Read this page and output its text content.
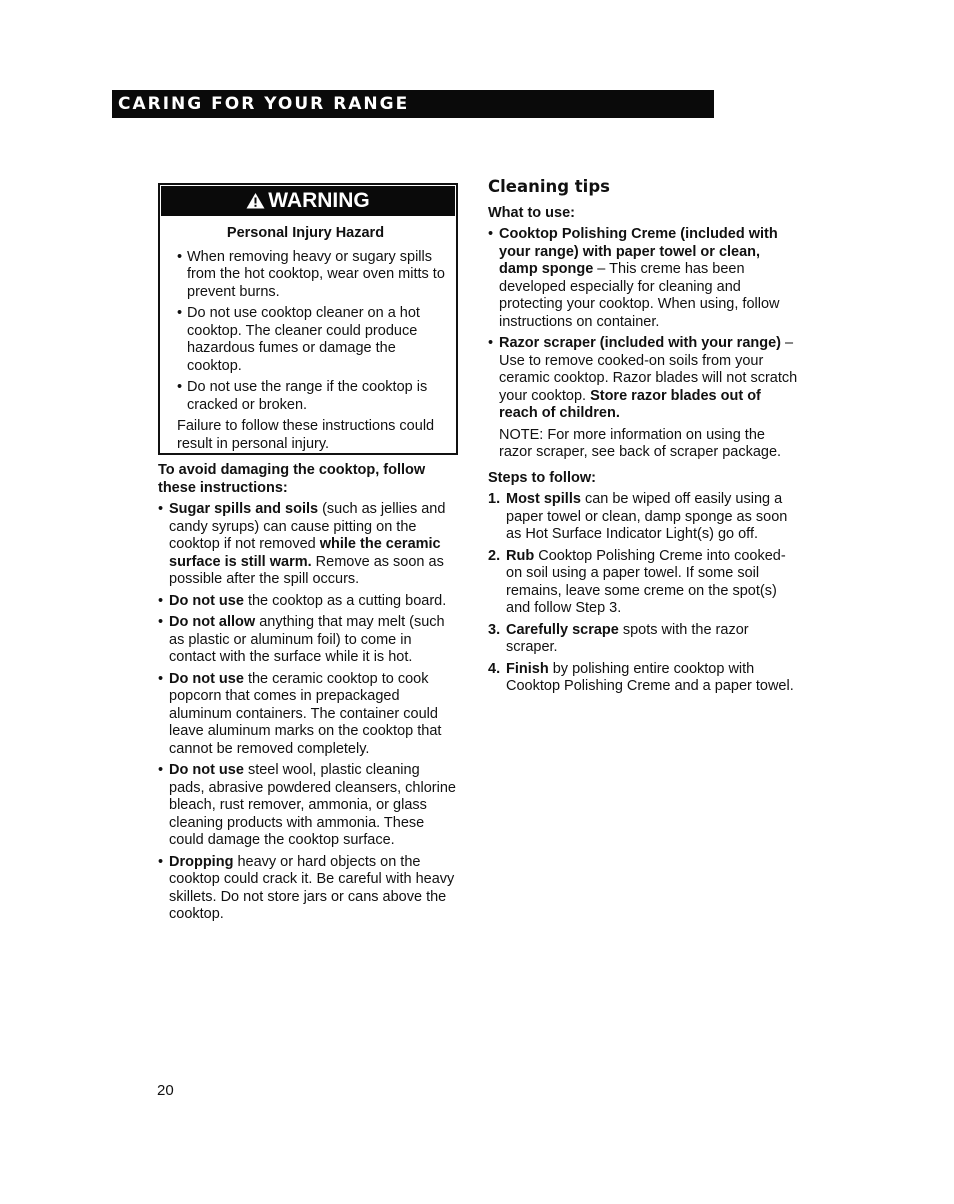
CARING FOR YOUR RANGE
WARNING
Personal Injury Hazard
• When removing heavy or sugary spills from the hot cooktop, wear oven mitts to prevent burns.
• Do not use cooktop cleaner on a hot cooktop. The cleaner could produce hazardous fumes or damage the cooktop.
• Do not use the range if the cooktop is cracked or broken.
Failure to follow these instructions could result in personal injury.
To avoid damaging the cooktop, follow these instructions:
• Sugar spills and soils (such as jellies and candy syrups) can cause pitting on the cooktop if not removed while the ceramic surface is still warm. Remove as soon as possible after the spill occurs.
• Do not use the cooktop as a cutting board.
• Do not allow anything that may melt (such as plastic or aluminum foil) to come in contact with the surface while it is hot.
• Do not use the ceramic cooktop to cook popcorn that comes in prepackaged aluminum containers. The container could leave aluminum marks on the cooktop that cannot be removed completely.
• Do not use steel wool, plastic cleaning pads, abrasive powdered cleansers, chlorine bleach, rust remover, ammonia, or glass cleaning products with ammonia. These could damage the cooktop surface.
• Dropping heavy or hard objects on the cooktop could crack it. Be careful with heavy skillets. Do not store jars or cans above the cooktop.
Cleaning tips
What to use:
• Cooktop Polishing Creme (included with your range) with paper towel or clean, damp sponge – This creme has been developed especially for cleaning and protecting your cooktop. When using, follow instructions on container.
• Razor scraper (included with your range) – Use to remove cooked-on soils from your ceramic cooktop. Razor blades will not scratch your cooktop. Store razor blades out of reach of children.
NOTE: For more information on using the razor scraper, see back of scraper package.
Steps to follow:
1. Most spills can be wiped off easily using a paper towel or clean, damp sponge as soon as Hot Surface Indicator Light(s) go off.
2. Rub Cooktop Polishing Creme into cooked-on soil using a paper towel. If some soil remains, leave some creme on the spot(s) and follow Step 3.
3. Carefully scrape spots with the razor scraper.
4. Finish by polishing entire cooktop with Cooktop Polishing Creme and a paper towel.
20
